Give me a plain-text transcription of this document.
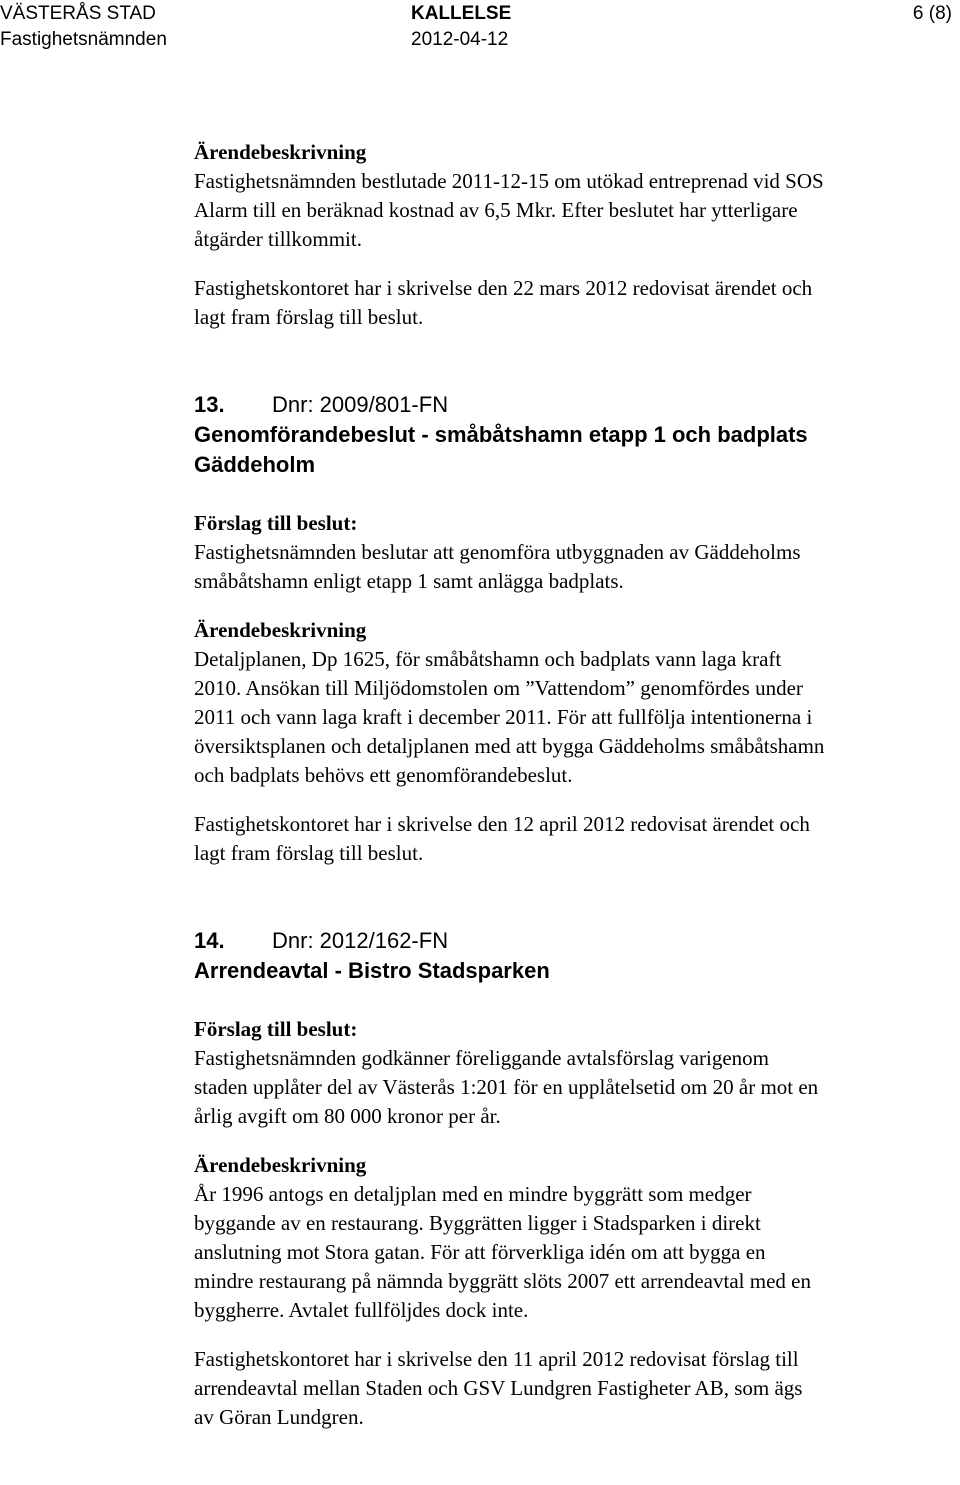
VÄSTERÅS STAD
Fastighetsnämnden
KALLELSE
2012-04-12
6 (8)

Ärendebeskrivning

Fastighetsnämnden bestlutade 2011-12-15 om utökad entreprenad vid SOS

Alarm till en beräknad kostnad av 6,5 Mkr. Efter beslutet har ytterligare

åtgärder tillkommit.

Fastighetskontoret har i skrivelse den 22 mars 2012 redovisat ärendet och

lagt fram förslag till beslut.

13. Dnr: 2009/801-FN

Genomförandebeslut - småbåtshamn etapp 1 och badplats

Gäddeholm

Förslag till beslut:

Fastighetsnämnden beslutar att genomföra utbyggnaden av Gäddeholms

småbåtshamn enligt etapp 1 samt anlägga badplats.

Ärendebeskrivning

Detaljplanen, Dp 1625, för småbåtshamn och badplats vann laga kraft

2010. Ansökan till Miljödomstolen om ”Vattendom” genomfördes under

2011 och vann laga kraft i december 2011. För att fullfölja intentionerna i

översiktsplanen och detaljplanen med att bygga Gäddeholms småbåtshamn

och badplats behövs ett genomförandebeslut.

Fastighetskontoret har i skrivelse den 12 april 2012 redovisat ärendet och

lagt fram förslag till beslut.

14. Dnr: 2012/162-FN

Arrendeavtal - Bistro Stadsparken

Förslag till beslut:

Fastighetsnämnden godkänner föreliggande avtalsförslag varigenom

staden upplåter del av Västerås 1:201 för en upplåtelsetid om 20 år mot en

årlig avgift om 80 000 kronor per år.

Ärendebeskrivning

År 1996 antogs en detaljplan med en mindre byggrätt som medger

byggande av en restaurang. Byggrätten ligger i Stadsparken i direkt

anslutning mot Stora gatan. För att förverkliga idén om att bygga en

mindre restaurang på nämnda byggrätt slöts 2007 ett arrendeavtal med en

byggherre. Avtalet fullföljdes dock inte.

Fastighetskontoret har i skrivelse den 11 april 2012 redovisat förslag till

arrendeavtal mellan Staden och GSV Lundgren Fastigheter AB, som ägs

av Göran Lundgren.
